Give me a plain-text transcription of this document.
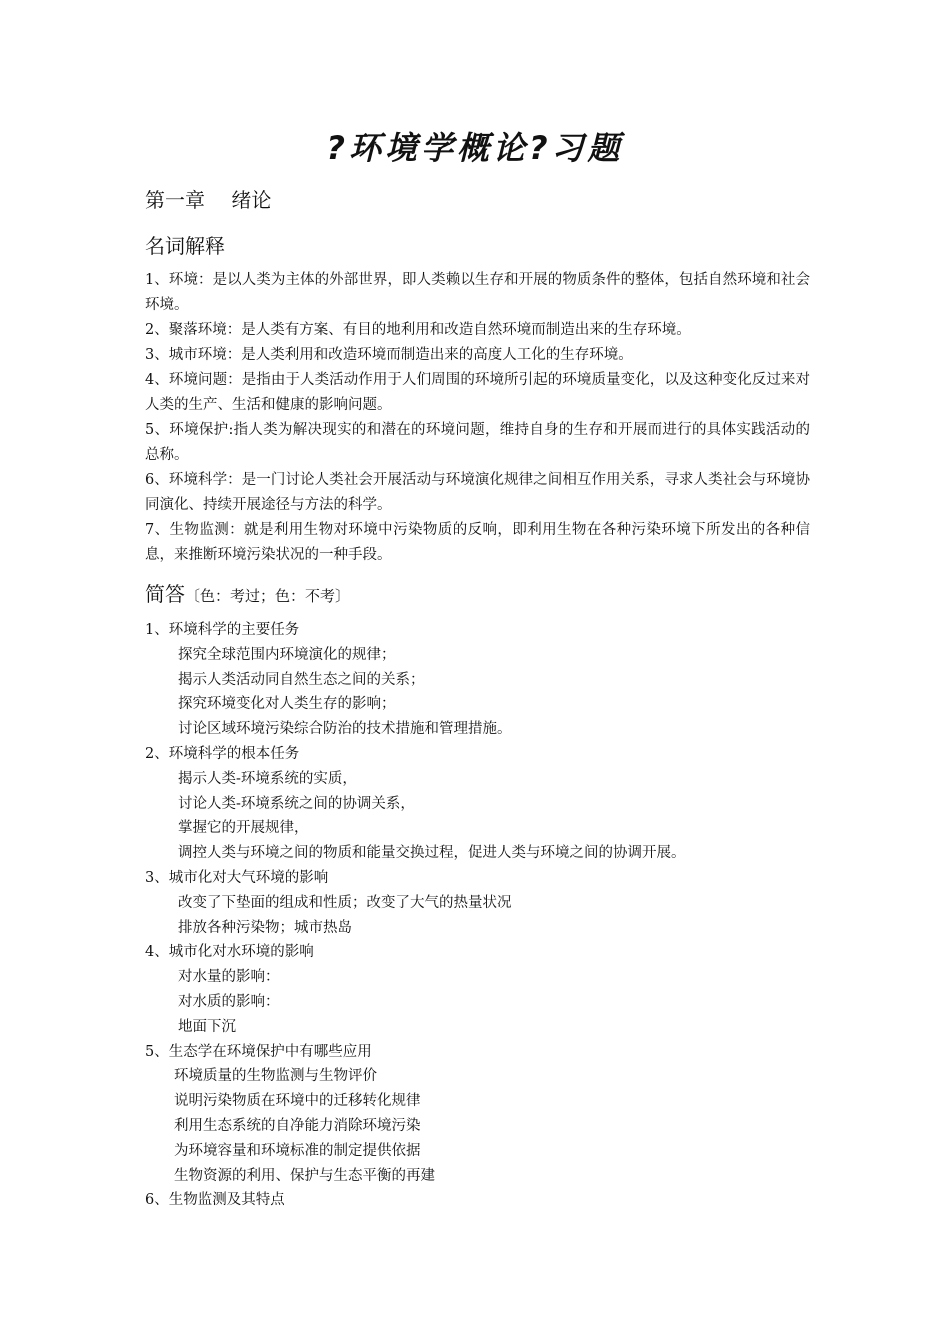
?环境学概论?习题
第一章　 绪论
名词解释
1、环境：是以人类为主体的外部世界，即人类赖以生存和开展的物质条件的整体，包括自然环境和社会环境。
2、聚落环境：是人类有方案、有目的地利用和改造自然环境而制造出来的生存环境。
3、城市环境：是人类利用和改造环境而制造出来的高度人工化的生存环境。
4、环境问题：是指由于人类活动作用于人们周围的环境所引起的环境质量变化，以及这种变化反过来对人类的生产、生活和健康的影响问题。
5、环境保护:指人类为解决现实的和潜在的环境问题，维持自身的生存和开展而进行的具体实践活动的总称。
6、环境科学：是一门讨论人类社会开展活动与环境演化规律之间相互作用关系，寻求人类社会与环境协同演化、持续开展途径与方法的科学。
7、生物监测：就是利用生物对环境中污染物质的反响，即利用生物在各种污染环境下所发出的各种信息，来推断环境污染状况的一种手段。
简答〔色：考过；色：不考〕
1、环境科学的主要任务
探究全球范围内环境演化的规律；
揭示人类活动同自然生态之间的关系；
探究环境变化对人类生存的影响；
讨论区域环境污染综合防治的技术措施和管理措施。
2、环境科学的根本任务
揭示人类-环境系统的实质，
讨论人类-环境系统之间的协调关系，
掌握它的开展规律，
调控人类与环境之间的物质和能量交换过程，促进人类与环境之间的协调开展。
3、城市化对大气环境的影响
改变了下垫面的组成和性质；改变了大气的热量状况
排放各种污染物；城市热岛
4、城市化对水环境的影响
对水量的影响：
对水质的影响：
地面下沉
5、生态学在环境保护中有哪些应用
环境质量的生物监测与生物评价
说明污染物质在环境中的迁移转化规律
利用生态系统的自净能力消除环境污染
为环境容量和环境标准的制定提供依据
生物资源的利用、保护与生态平衡的再建
6、生物监测及其特点
